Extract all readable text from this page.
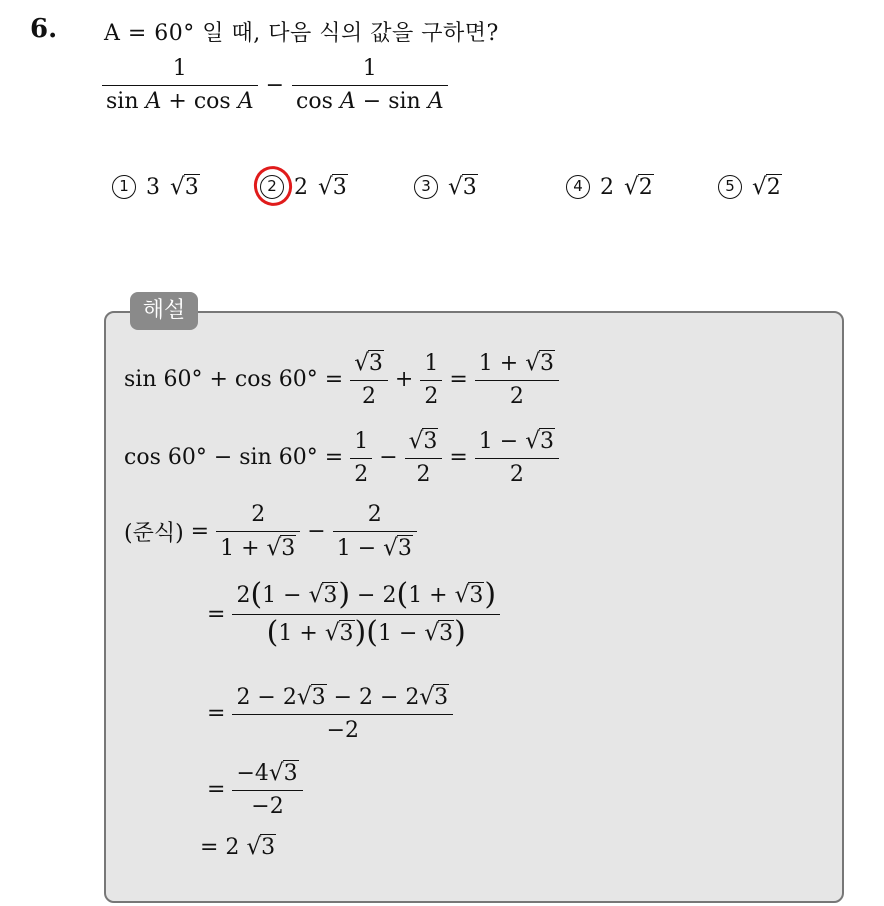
6. A = 60° 일 때, 다음 식의 값을 구하면?
$\frac{1}{\text{sin A + cos A}} - \frac{1}{\text{cos A − sin A}}$
1 3 √ 3	2 2 √ 3	3 √ 3	4 2 √ 2	5 √ 2
해설
$\sin 60^\circ + \cos 60^\circ = \frac{√ 3}{2} + \frac{1}{2} = \frac{1 + √ 3}{2}$
$\cos 60^\circ - \sin 60^\circ = \frac{1}{2} - \frac{√ 3}{2} = \frac{1 - √ 3}{2}$
(준식) = $\frac{2}{1 + √ 3} - \frac{2}{1 - √ 3}$
= 2 ( 1 −
√ 3 )
− 2 ( 1 +
√ 3 )
( 1 +
√ 3 ) ( 1 −
√ 3 )
= $\frac{2 - 2 √ 3 - 2 - 2 √ 3}{-2}$
= $\frac{-4 √ 3}{-2}$
= 2
√ 3
